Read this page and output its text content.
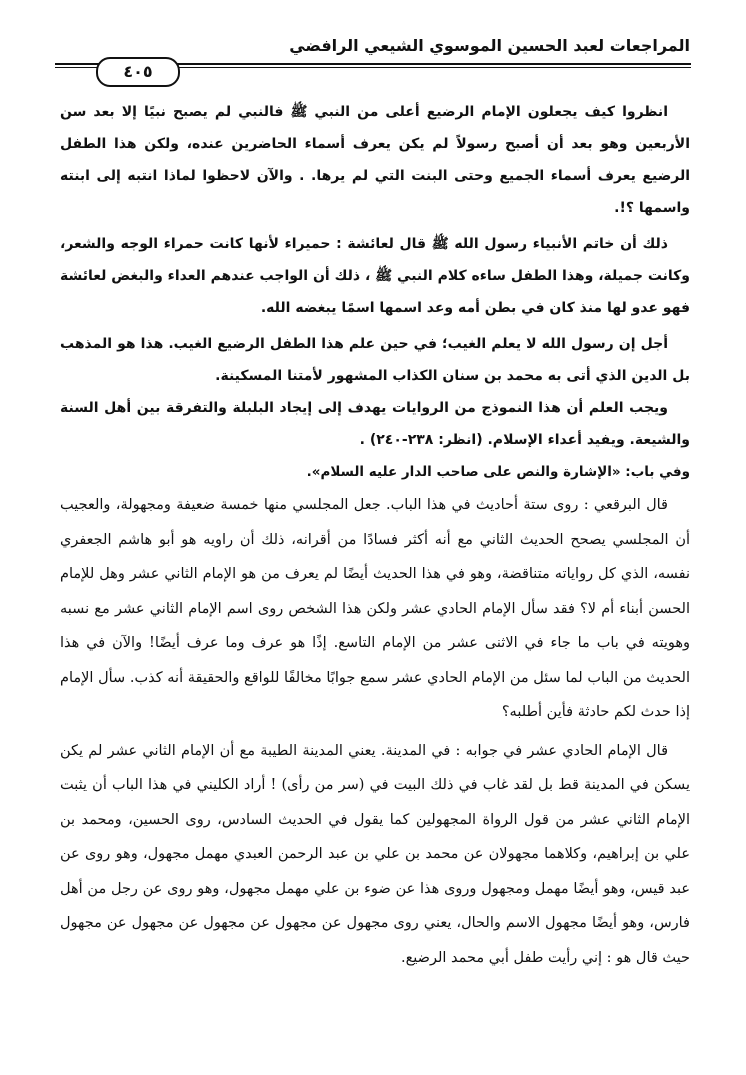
المراجعات لعبد الحسين الموسوي الشيعي الرافضي
٤٠٥

انظروا كيف يجعلون الإمام الرضيع أعلى من النبي ﷺ فالنبي لم يصبح نبيًا إلا بعد سن الأربعين وهو بعد أن أصبح رسولاً لم يكن يعرف أسماء الحاضرين عنده، ولكن هذا الطفل الرضيع يعرف أسماء الجميع وحتى البنت التي لم يرها. . والآن لاحظوا لماذا انتبه إلى ابنته واسمها ؟!.

ذلك أن خاتم الأنبياء رسول الله ﷺ قال لعائشة : حميراء لأنها كانت حمراء الوجه والشعر، وكانت جميلة، وهذا الطفل ساءه كلام النبي ﷺ ، ذلك أن الواجب عندهم العداء والبغض لعائشة فهو عدو لها منذ كان في بطن أمه وعد اسمها اسمًا يبغضه الله.

أجل إن رسول الله لا يعلم الغيب؛ في حين علم هذا الطفل الرضيع الغيب. هذا هو المذهب بل الدين الذي أتى به محمد بن سنان الكذاب المشهور لأمتنا المسكينة.

ويجب العلم أن هذا النموذج من الروايات يهدف إلى إيجاد البلبلة والتفرقة بين أهل السنة والشيعة. ويفيد أعداء الإسلام. (انظر: ٢٣٨-٢٤٠) .

وفي باب: «الإشارة والنص على صاحب الدار عليه السلام».

قال البرقعي : روى ستة أحاديث في هذا الباب. جعل المجلسي منها خمسة ضعيفة ومجهولة، والعجيب أن المجلسي يصحح الحديث الثاني مع أنه أكثر فسادًا من أقرانه، ذلك أن راويه هو أبو هاشم الجعفري نفسه، الذي كل رواياته متناقضة، وهو في هذا الحديث أيضًا لم يعرف من هو الإمام الثاني عشر وهل للإمام الحسن أبناء أم لا؟ فقد سأل الإمام الحادي عشر ولكن هذا الشخص روى اسم الإمام الثاني عشر مع نسبه وهويته في باب ما جاء في الاثنى عشر من الإمام التاسع. إذًا هو عرف وما عرف أيضًا! والآن في هذا الحديث من الباب لما سئل من الإمام الحادي عشر سمع جوابًا مخالفًا للواقع والحقيقة أنه كذب. سأل الإمام إذا حدث لكم حادثة فأين أطلبه؟

قال الإمام الحادي عشر في جوابه : في المدينة. يعني المدينة الطيبة مع أن الإمام الثاني عشر لم يكن يسكن في المدينة قط بل لقد غاب في ذلك البيت في (سر من رأى) ! أراد الكليني في هذا الباب أن يثبت الإمام الثاني عشر من قول الرواة المجهولين كما يقول في الحديث السادس، روى الحسين، ومحمد بن علي بن إبراهيم، وكلاهما مجهولان عن محمد بن علي بن عبد الرحمن العبدي مهمل مجهول، وهو روى عن عبد قيس، وهو أيضًا مهمل ومجهول وروى هذا عن ضوء بن علي مهمل مجهول، وهو روى عن رجل من أهل فارس، وهو أيضًا مجهول الاسم والحال، يعني روى مجهول عن مجهول عن مجهول عن مجهول عن مجهول حيث قال هو : إني رأيت طفل أبي محمد الرضيع.
